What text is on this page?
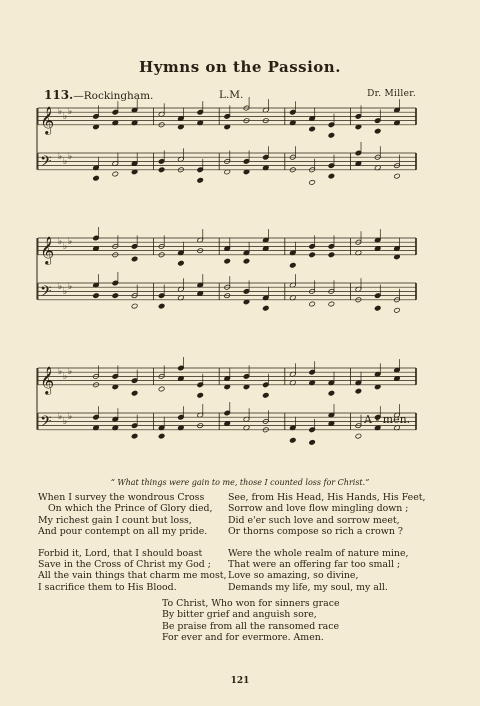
Hymns on the Passion.
113.—Rockingham.	L.M.	Dr. Miller.
𝄞 ♭ ♭ ♭
𝄢 ♭ ♭ ♭
𝄞 ♭ ♭ ♭
𝄢 ♭ ♭ ♭
𝄞 ♭ ♭ ♭
𝄢 ♭ ♭ ♭	A - men.
“ What things were gain to me, those I counted loss for Christ.”
When I survey the wondrous Cross
On which the Prince of Glory died,
My richest gain I count but loss,
And pour contempt on all my pride.
Forbid it, Lord, that I should boast
Save in the Cross of Christ my God ;
All the vain things that charm me most,
I sacrifice them to His Blood.
See, from His Head, His Hands, His Feet,
Sorrow and love flow mingling down ;
Did e'er such love and sorrow meet,
Or thorns compose so rich a crown ?
Were the whole realm of nature mine,
That were an offering far too small ;
Love so amazing, so divine,
Demands my life, my soul, my all.
To Christ, Who won for sinners grace
By bitter grief and anguish sore,
Be praise from all the ransomed race
For ever and for evermore. Amen.
121
